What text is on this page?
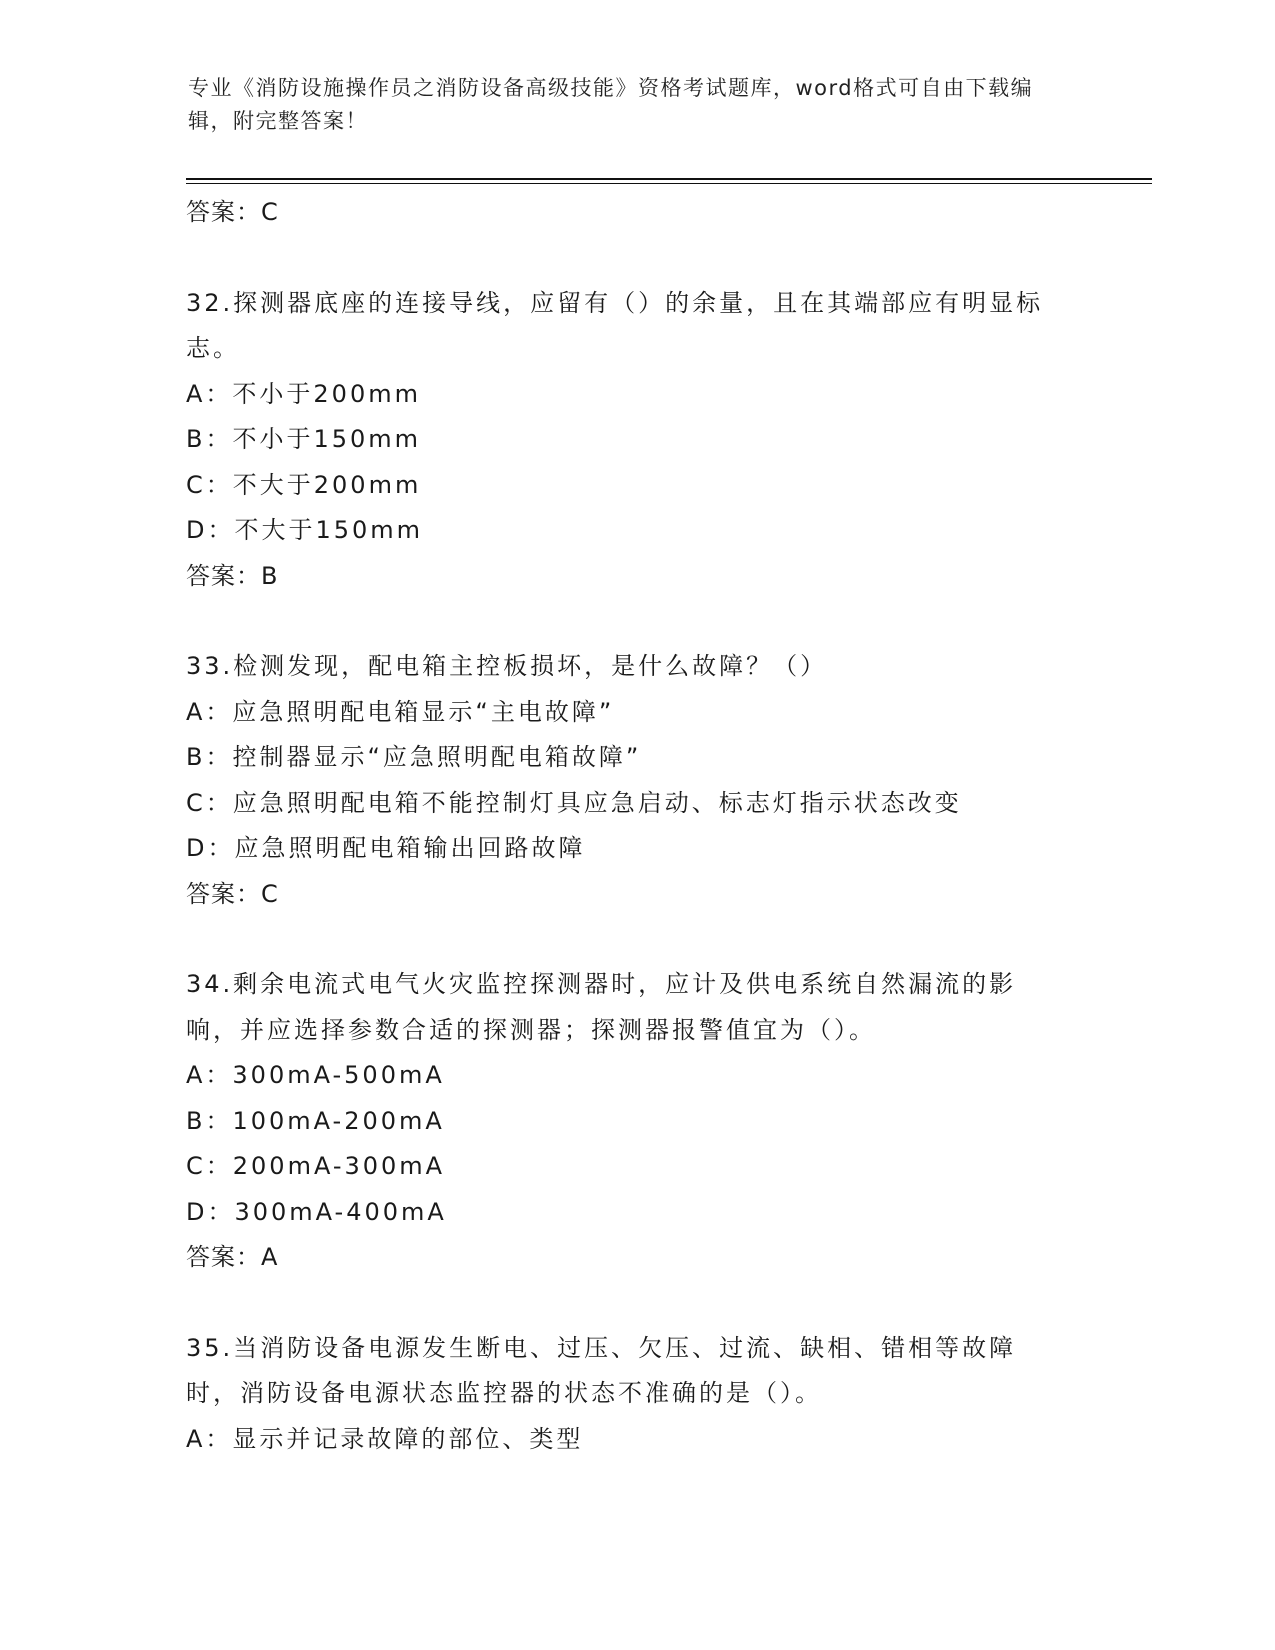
专业《消防设施操作员之消防设备高级技能》资格考试题库，word格式可自由下载编辑，附完整答案！
答案：C
32.探测器底座的连接导线，应留有（）的余量，且在其端部应有明显标志。
A：不小于200mm
B：不小于150mm
C：不大于200mm
D：不大于150mm
答案：B
33.检测发现，配电箱主控板损坏，是什么故障？（）
A：应急照明配电箱显示“主电故障”
B：控制器显示“应急照明配电箱故障”
C：应急照明配电箱不能控制灯具应急启动、标志灯指示状态改变
D：应急照明配电箱输出回路故障
答案：C
34.剩余电流式电气火灾监控探测器时，应计及供电系统自然漏流的影响，并应选择参数合适的探测器；探测器报警值宜为（）。
A：300mA-500mA
B：100mA-200mA
C：200mA-300mA
D：300mA-400mA
答案：A
35.当消防设备电源发生断电、过压、欠压、过流、缺相、错相等故障时，消防设备电源状态监控器的状态不准确的是（）。
A：显示并记录故障的部位、类型
